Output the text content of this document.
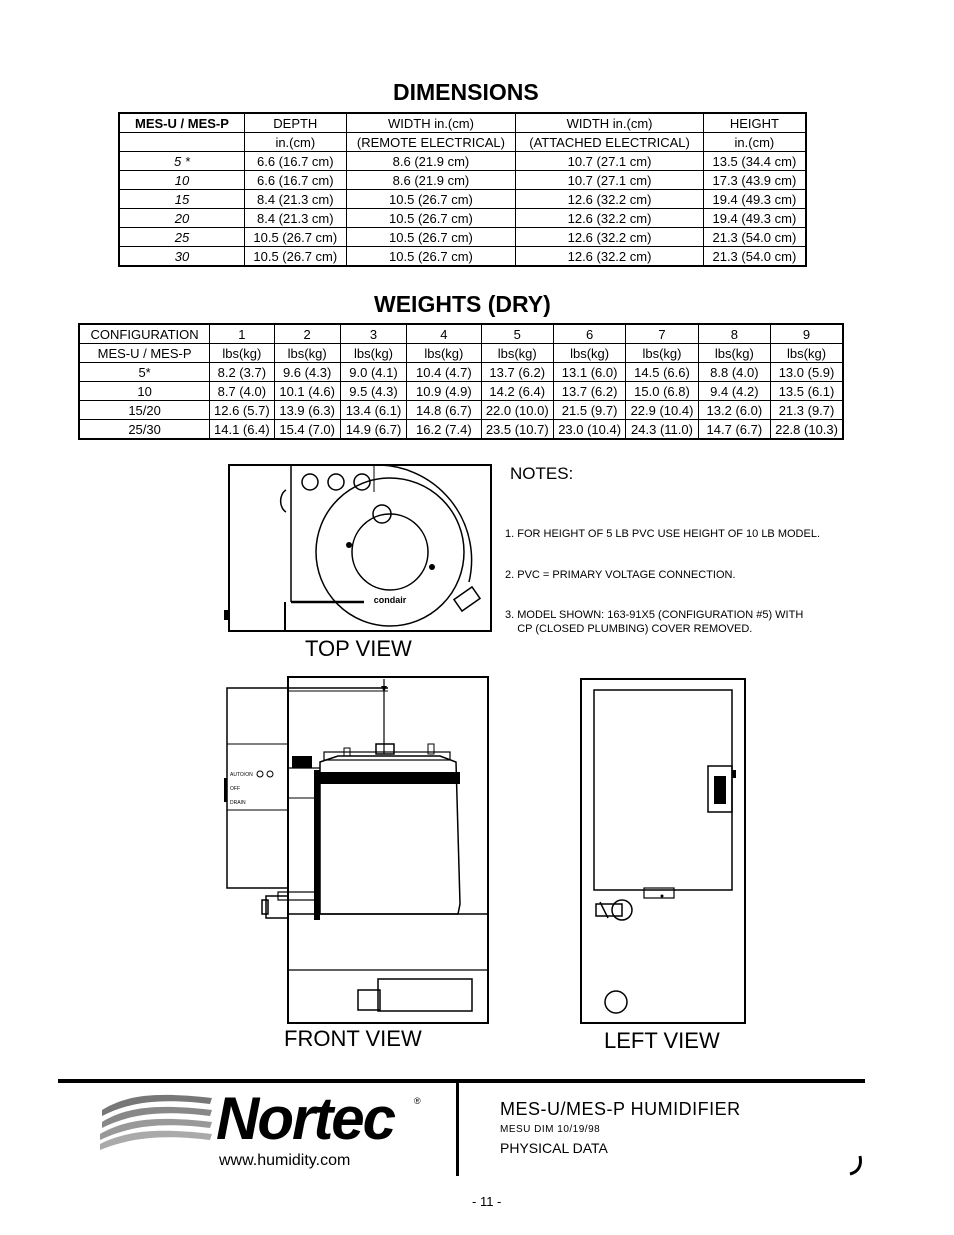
DIMENSIONS
MES-U / MES-P	DEPTH	WIDTH in.(cm)	WIDTH in.(cm)	HEIGHT
	in.(cm)	(REMOTE ELECTRICAL)	(ATTACHED ELECTRICAL)	in.(cm)
5 *	6.6 (16.7 cm)	8.6 (21.9 cm)	10.7 (27.1 cm)	13.5 (34.4 cm)
10	6.6 (16.7 cm)	8.6 (21.9 cm)	10.7 (27.1 cm)	17.3 (43.9 cm)
15	8.4 (21.3 cm)	10.5 (26.7 cm)	12.6 (32.2 cm)	19.4 (49.3 cm)
20	8.4 (21.3 cm)	10.5 (26.7 cm)	12.6 (32.2 cm)	19.4 (49.3 cm)
25	10.5 (26.7 cm)	10.5 (26.7 cm)	12.6 (32.2 cm)	21.3 (54.0 cm)
30	10.5 (26.7 cm)	10.5 (26.7 cm)	12.6 (32.2 cm)	21.3 (54.0 cm)
WEIGHTS (DRY)
CONFIGURATION	1	2	3	4	5	6	7	8	9
MES-U / MES-P	lbs(kg)	lbs(kg)	lbs(kg)	lbs(kg)	lbs(kg)	lbs(kg)	lbs(kg)	lbs(kg)	lbs(kg)
5*	8.2 (3.7)	9.6 (4.3)	9.0 (4.1)	10.4 (4.7)	13.7 (6.2)	13.1 (6.0)	14.5 (6.6)	8.8 (4.0)	13.0 (5.9)
10	8.7 (4.0)	10.1 (4.6)	9.5 (4.3)	10.9 (4.9)	14.2 (6.4)	13.7 (6.2)	15.0 (6.8)	9.4 (4.2)	13.5 (6.1)
15/20	12.6 (5.7)	13.9 (6.3)	13.4 (6.1)	14.8 (6.7)	22.0 (10.0)	21.5 (9.7)	22.9 (10.4)	13.2 (6.0)	21.3 (9.7)
25/30	14.1 (6.4)	15.4 (7.0)	14.9 (6.7)	16.2 (7.4)	23.5 (10.7)	23.0 (10.4)	24.3 (11.0)	14.7 (6.7)	22.8 (10.3)
NOTES:

1. FOR HEIGHT OF 5 LB PVC USE HEIGHT OF 10 LB MODEL.

2. PVC = PRIMARY VOLTAGE CONNECTION.

3. MODEL SHOWN: 163-91X5 (CONFIGURATION #5) WITH
CP (CLOSED PLUMBING) COVER REMOVED.

condair
TOP VIEW
AUTO/ON
OFF
DRAIN
FRONT VIEW	LEFT VIEW
Nortec ®
www.humidity.com
MES-U/MES-P HUMIDIFIER
MESU DIM 10/19/98
PHYSICAL DATA
- 11 -
